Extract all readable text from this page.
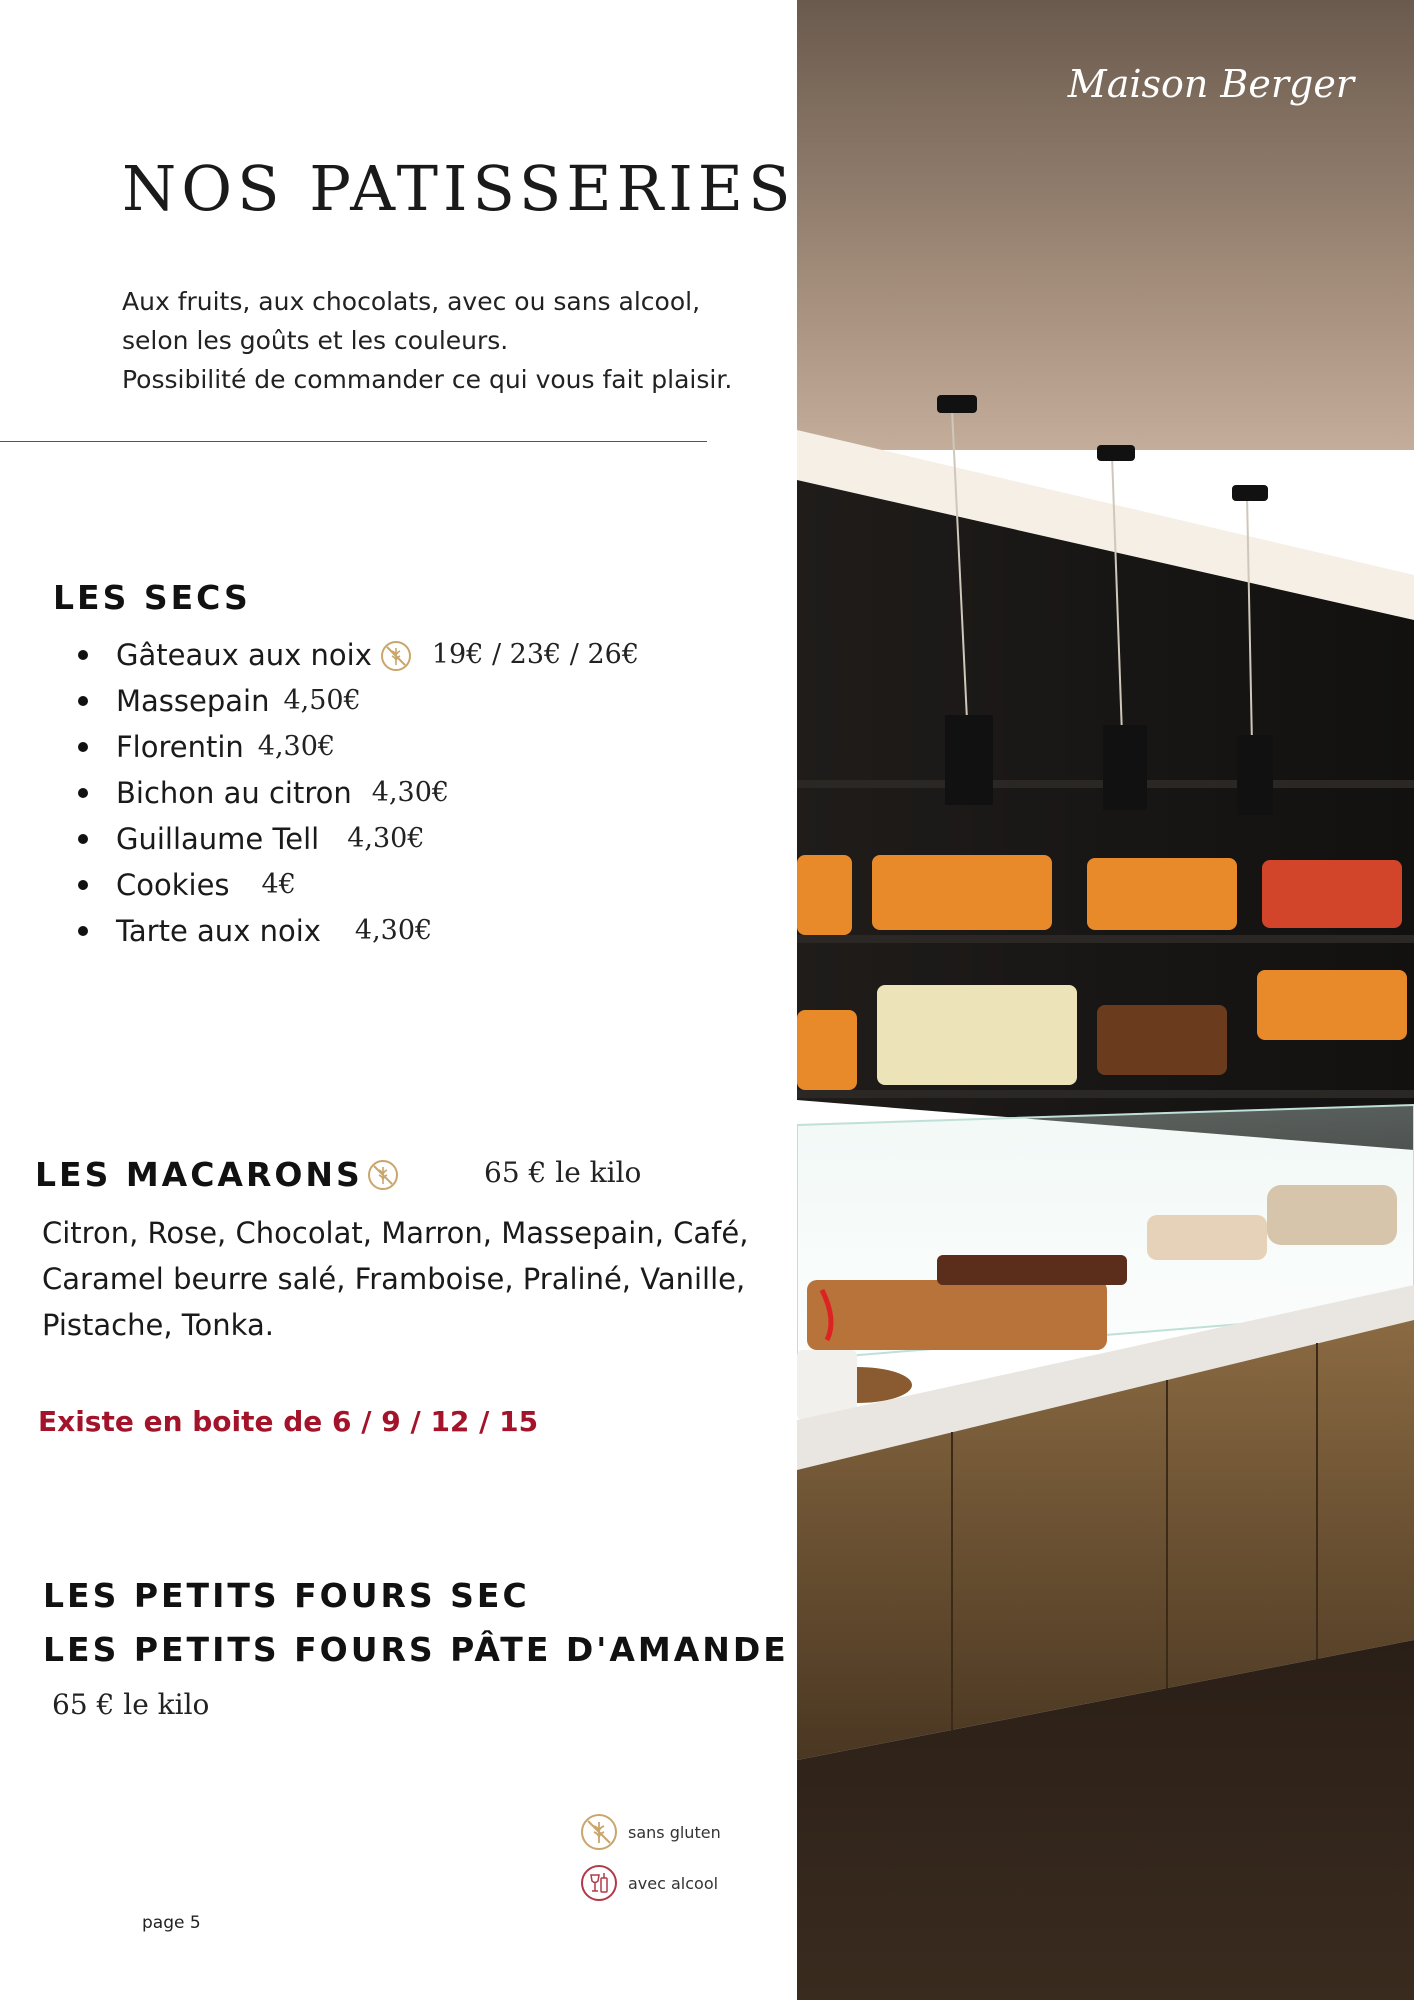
NOS PATISSERIES
Aux fruits, aux chocolats, avec ou sans alcool,
selon les goûts et les couleurs.
Possibilité de commander ce qui vous fait plaisir.
LES SECS
Gâteaux aux noix 19€ / 23€ / 26€
Massepain 4,50€
Florentin 4,30€
Bichon au citron 4,30€
Guillaume Tell 4,30€
Cookies 4€
Tarte aux noix 4,30€
LES MACARONS	65 € le kilo
Citron, Rose, Chocolat, Marron, Massepain, Café,
Caramel beurre salé, Framboise, Praliné, Vanille,
Pistache, Tonka.
Existe en boite de 6 / 9 / 12 / 15
LES PETITS FOURS SEC
LES PETITS FOURS PÂTE D'AMANDE
65 € le kilo
sans gluten
avec alcool
page 5
Maison Berger
